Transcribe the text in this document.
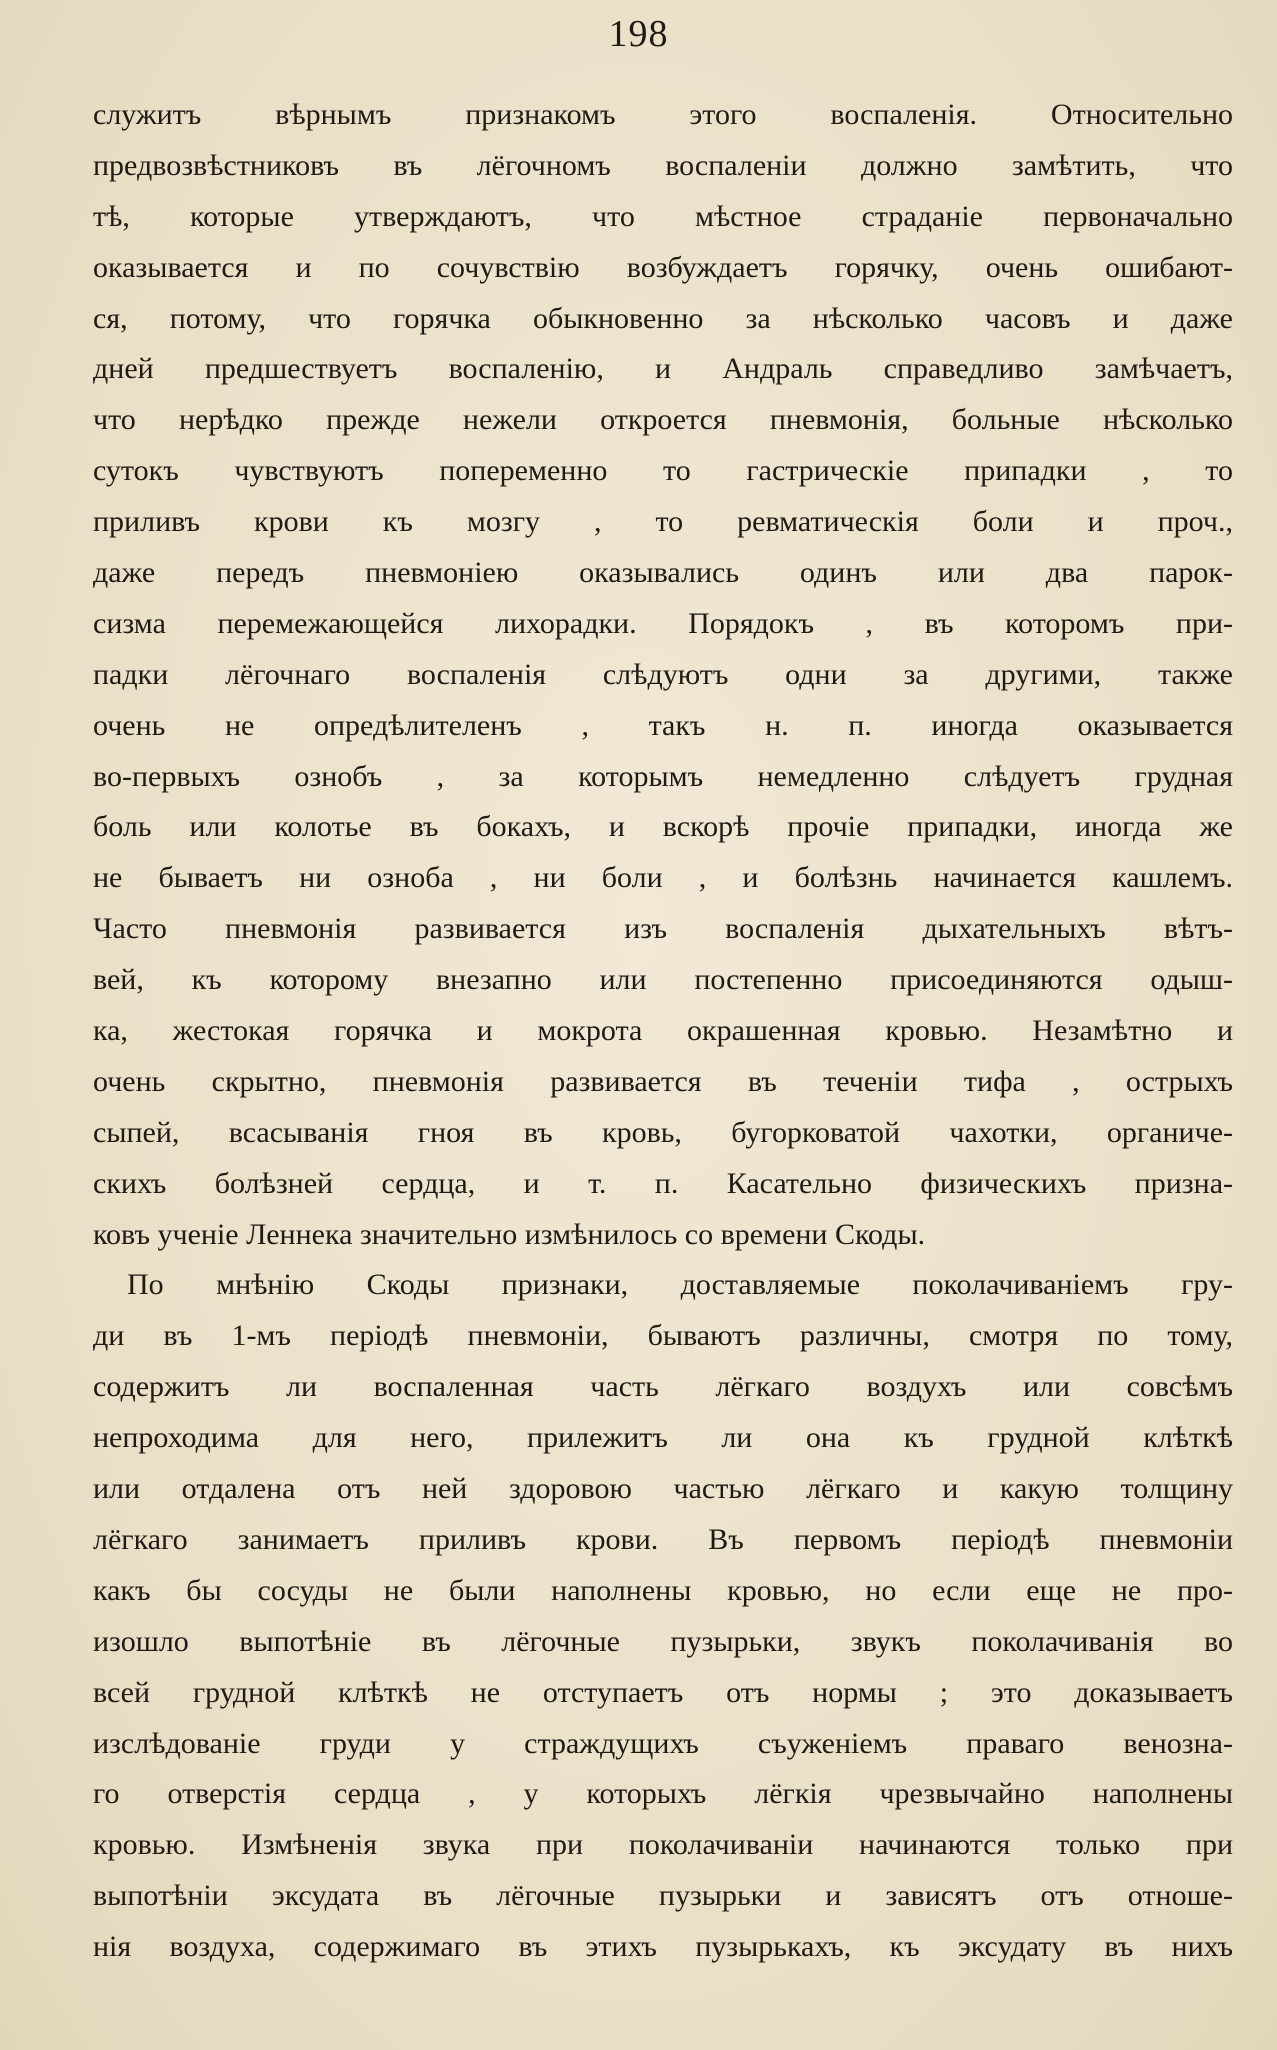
198
служитъ вѣрнымъ признакомъ этого воспаленія. Относительно
предвозвѣстниковъ въ лёгочномъ воспаленіи должно замѣтить, что
тѣ, которые утверждаютъ, что мѣстное страданіе первоначально
оказывается и по сочувствію возбуждаетъ горячку, очень ошибают-
ся, потому, что горячка обыкновенно за нѣсколько часовъ и даже
дней предшествуетъ воспаленію, и Андраль справедливо замѣчаетъ,
что нерѣдко прежде нежели откроется пневмонія, больные нѣсколько
сутокъ чувствуютъ попеременно то гастрическіе припадки , то
приливъ крови къ мозгу , то ревматическія боли и проч.,
даже передъ пневмоніею оказывались одинъ или два парок-
сизма перемежающейся лихорадки. Порядокъ , въ которомъ при-
падки лёгочнаго воспаленія слѣдуютъ одни за другими, также
очень не опредѣлителенъ , такъ н. п. иногда оказывается
во-первыхъ ознобъ , за которымъ немедленно слѣдуетъ грудная
боль или колотье въ бокахъ, и вскорѣ прочіе припадки, иногда же
не бываетъ ни озноба , ни боли , и болѣзнь начинается кашлемъ.
Часто пневмонія развивается изъ воспаленія дыхательныхъ вѣтъ-
вей, къ которому внезапно или постепенно присоединяются одыш-
ка, жестокая горячка и мокрота окрашенная кровью. Незамѣтно и
очень скрытно, пневмонія развивается въ теченіи тифа , острыхъ
сыпей, всасыванія гноя въ кровь, бугорковатой чахотки, органиче-
скихъ болѣзней сердца, и т. п. Касательно физическихъ призна-
ковъ ученіе Леннека значительно измѣнилось со времени Скоды.
По мнѣнію Скоды признаки, доставляемые поколачиваніемъ гру-
ди въ 1-мъ періодѣ пневмоніи, бываютъ различны, смотря по тому,
содержитъ ли воспаленная часть лёгкаго воздухъ или совсѣмъ
непроходима для него, прилежитъ ли она къ грудной клѣткѣ
или отдалена отъ ней здоровою частью лёгкаго и какую толщину
лёгкаго занимаетъ приливъ крови. Въ первомъ періодѣ пневмоніи
какъ бы сосуды не были наполнены кровью, но если еще не про-
изошло выпотѣніе въ лёгочные пузырьки, звукъ поколачиванія во
всей грудной клѣткѣ не отступаетъ отъ нормы ; это доказываетъ
изслѣдованіе груди у страждущихъ съуженіемъ праваго венозна-
го отверстія сердца , у которыхъ лёгкія чрезвычайно наполнены
кровью. Измѣненія звука при поколачиваніи начинаются только при
выпотѣніи эксудата въ лёгочные пузырьки и зависятъ отъ отноше-
нія воздуха, содержимаго въ этихъ пузырькахъ, къ эксудату въ нихъ
